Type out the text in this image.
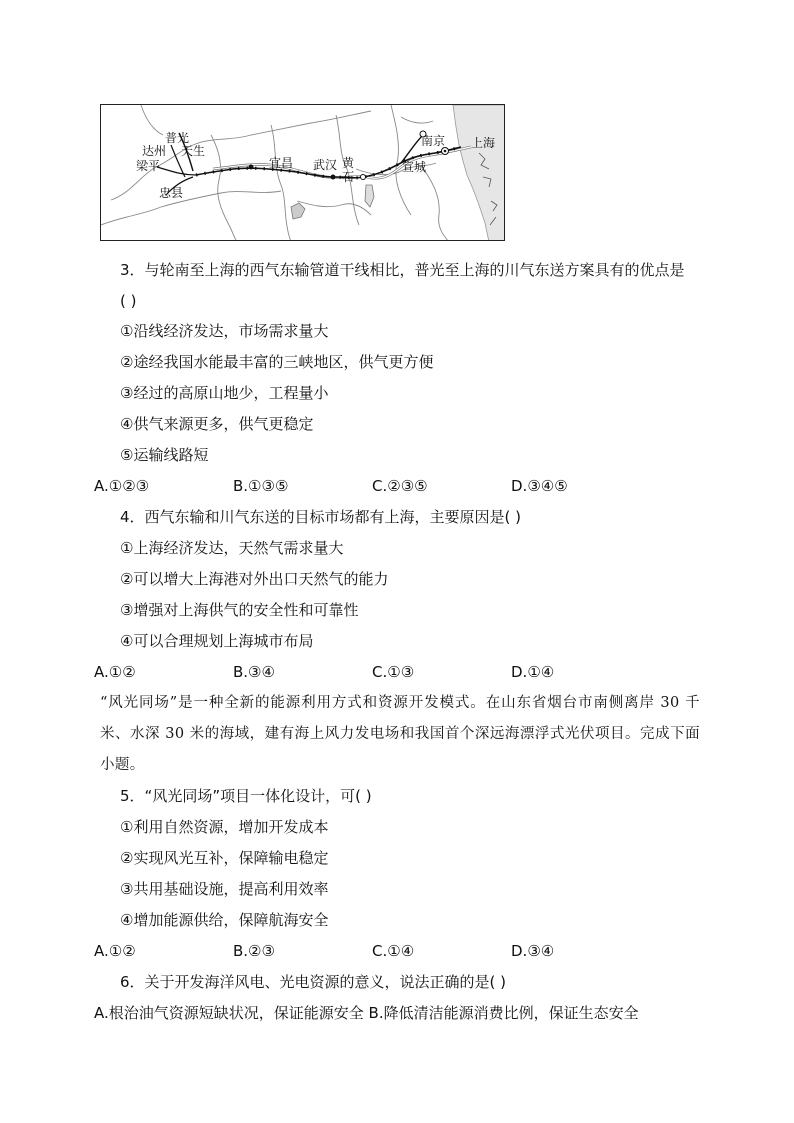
普光
达州 天生
梁平
忠县
宜昌 武汉 黄石
南京 上海
宣城
3．与轮南至上海的西气东输管道干线相比，普光至上海的川气东送方案具有的优点是
( )
①沿线经济发达，市场需求量大
②途经我国水能最丰富的三峡地区，供气更方便
③经过的高原山地少，工程量小
④供气来源更多，供气更稳定
⑤运输线路短
A.①②③	B.①③⑤	C.②③⑤	D.③④⑤
4．西气东输和川气东送的目标市场都有上海，主要原因是( )
①上海经济发达，天然气需求量大
②可以增大上海港对外出口天然气的能力
③增强对上海供气的安全性和可靠性
④可以合理规划上海城市布局
A.①②	B.③④	C.①③	D.①④
“风光同场”是一种全新的能源利用方式和资源开发模式。在山东省烟台市南侧离岸 30 千米、水深 30 米的海域，建有海上风力发电场和我国首个深远海漂浮式光伏项目。完成下面小题。
5．“风光同场”项目一体化设计，可( )
①利用自然资源，增加开发成本
②实现风光互补，保障输电稳定
③共用基础设施，提高利用效率
④增加能源供给，保障航海安全
A.①②	B.②③	C.①④	D.③④
6．关于开发海洋风电、光电资源的意义，说法正确的是( )
A.根治油气资源短缺状况，保证能源安全 B.降低清洁能源消费比例，保证生态安全
